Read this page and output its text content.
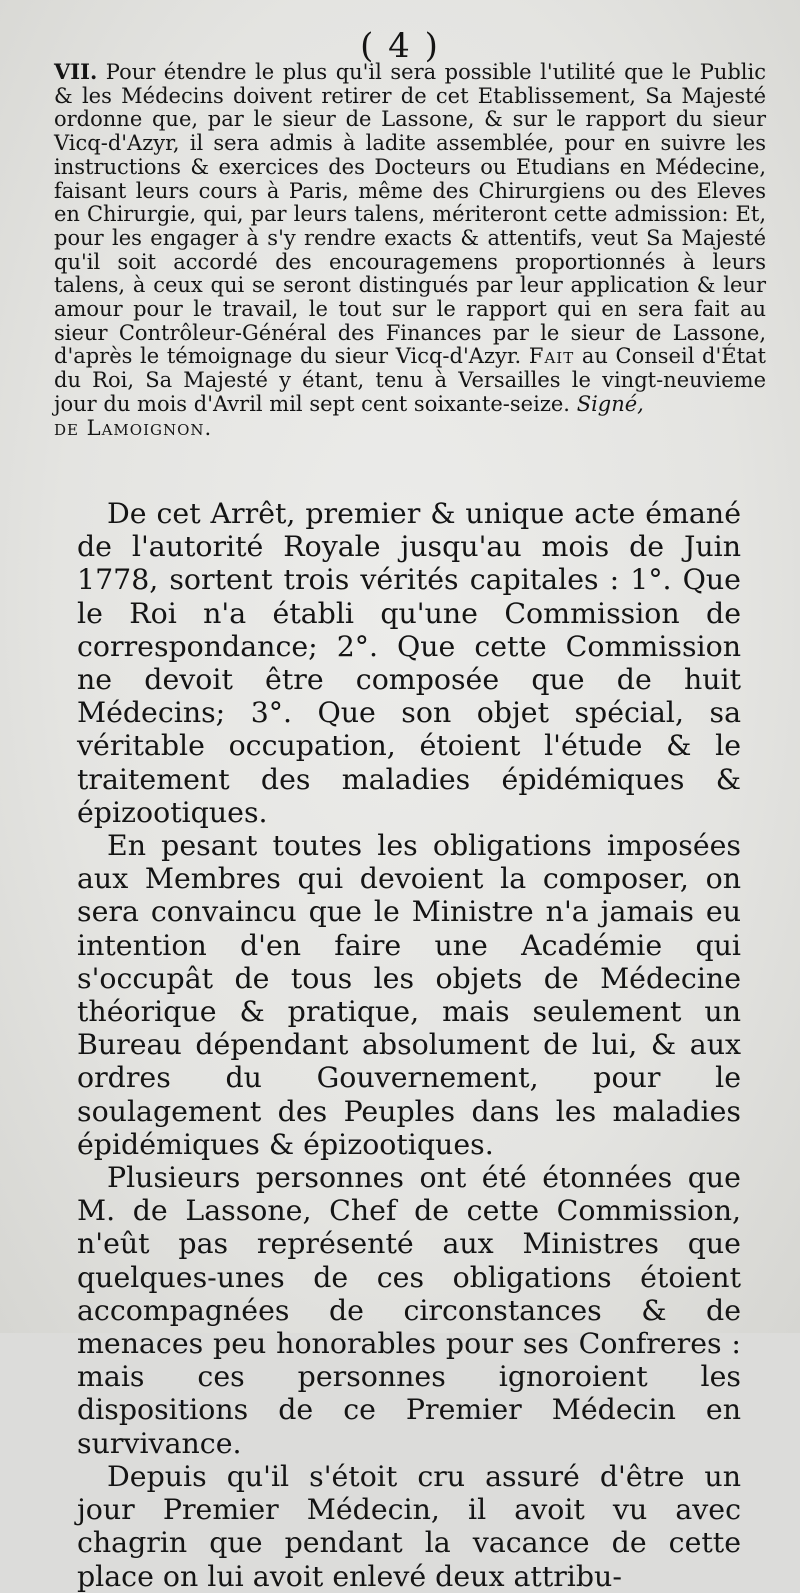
( 4 )

VII. Pour étendre le plus qu'il sera possible l'utilité que le Public & les Médecins doivent retirer de cet Etablissement, Sa Majesté ordonne que, par le sieur de Lassone, & sur le rapport du sieur Vicq-d'Azyr, il sera admis à ladite assemblée, pour en suivre les instructions & exercices des Docteurs ou Etudians en Médecine, faisant leurs cours à Paris, même des Chirurgiens ou des Eleves en Chirurgie, qui, par leurs talens, mériteront cette admission: Et, pour les engager à s'y rendre exacts & attentifs, veut Sa Majesté qu'il soit accordé des encouragemens proportionnés à leurs talens, à ceux qui se seront distingués par leur application & leur amour pour le travail, le tout sur le rapport qui en sera fait au sieur Contrôleur-Général des Finances par le sieur de Lassone, d'après le témoignage du sieur Vicq-d'Azyr. Fait au Conseil d'État du Roi, Sa Majesté y étant, tenu à Versailles le vingt-neuvieme jour du mois d'Avril mil sept cent soixante-seize. Signé,
de Lamoignon.

De cet Arrêt, premier & unique acte émané de l'autorité Royale jusqu'au mois de Juin 1778, sortent trois vérités capitales : 1°. Que le Roi n'a établi qu'une Commission de correspondance; 2°. Que cette Commission ne devoit être composée que de huit Médecins; 3°. Que son objet spécial, sa véritable occupation, étoient l'étude & le traitement des maladies épidémiques & épizootiques.

En pesant toutes les obligations imposées aux Membres qui devoient la composer, on sera convaincu que le Ministre n'a jamais eu intention d'en faire une Académie qui s'occupât de tous les objets de Médecine théorique & pratique, mais seulement un Bureau dépendant absolument de lui, & aux ordres du Gouvernement, pour le soulagement des Peuples dans les maladies épidémiques & épizootiques.

Plusieurs personnes ont été étonnées que M. de Lassone, Chef de cette Commission, n'eût pas représenté aux Ministres que quelques-unes de ces obligations étoient accompagnées de circonstances & de menaces peu honorables pour ses Confreres : mais ces personnes ignoroient les dispositions de ce Premier Médecin en survivance.

Depuis qu'il s'étoit cru assuré d'être un jour Premier Médecin, il avoit vu avec chagrin que pendant la vacance de cette place on lui avoit enlevé deux attribu-
